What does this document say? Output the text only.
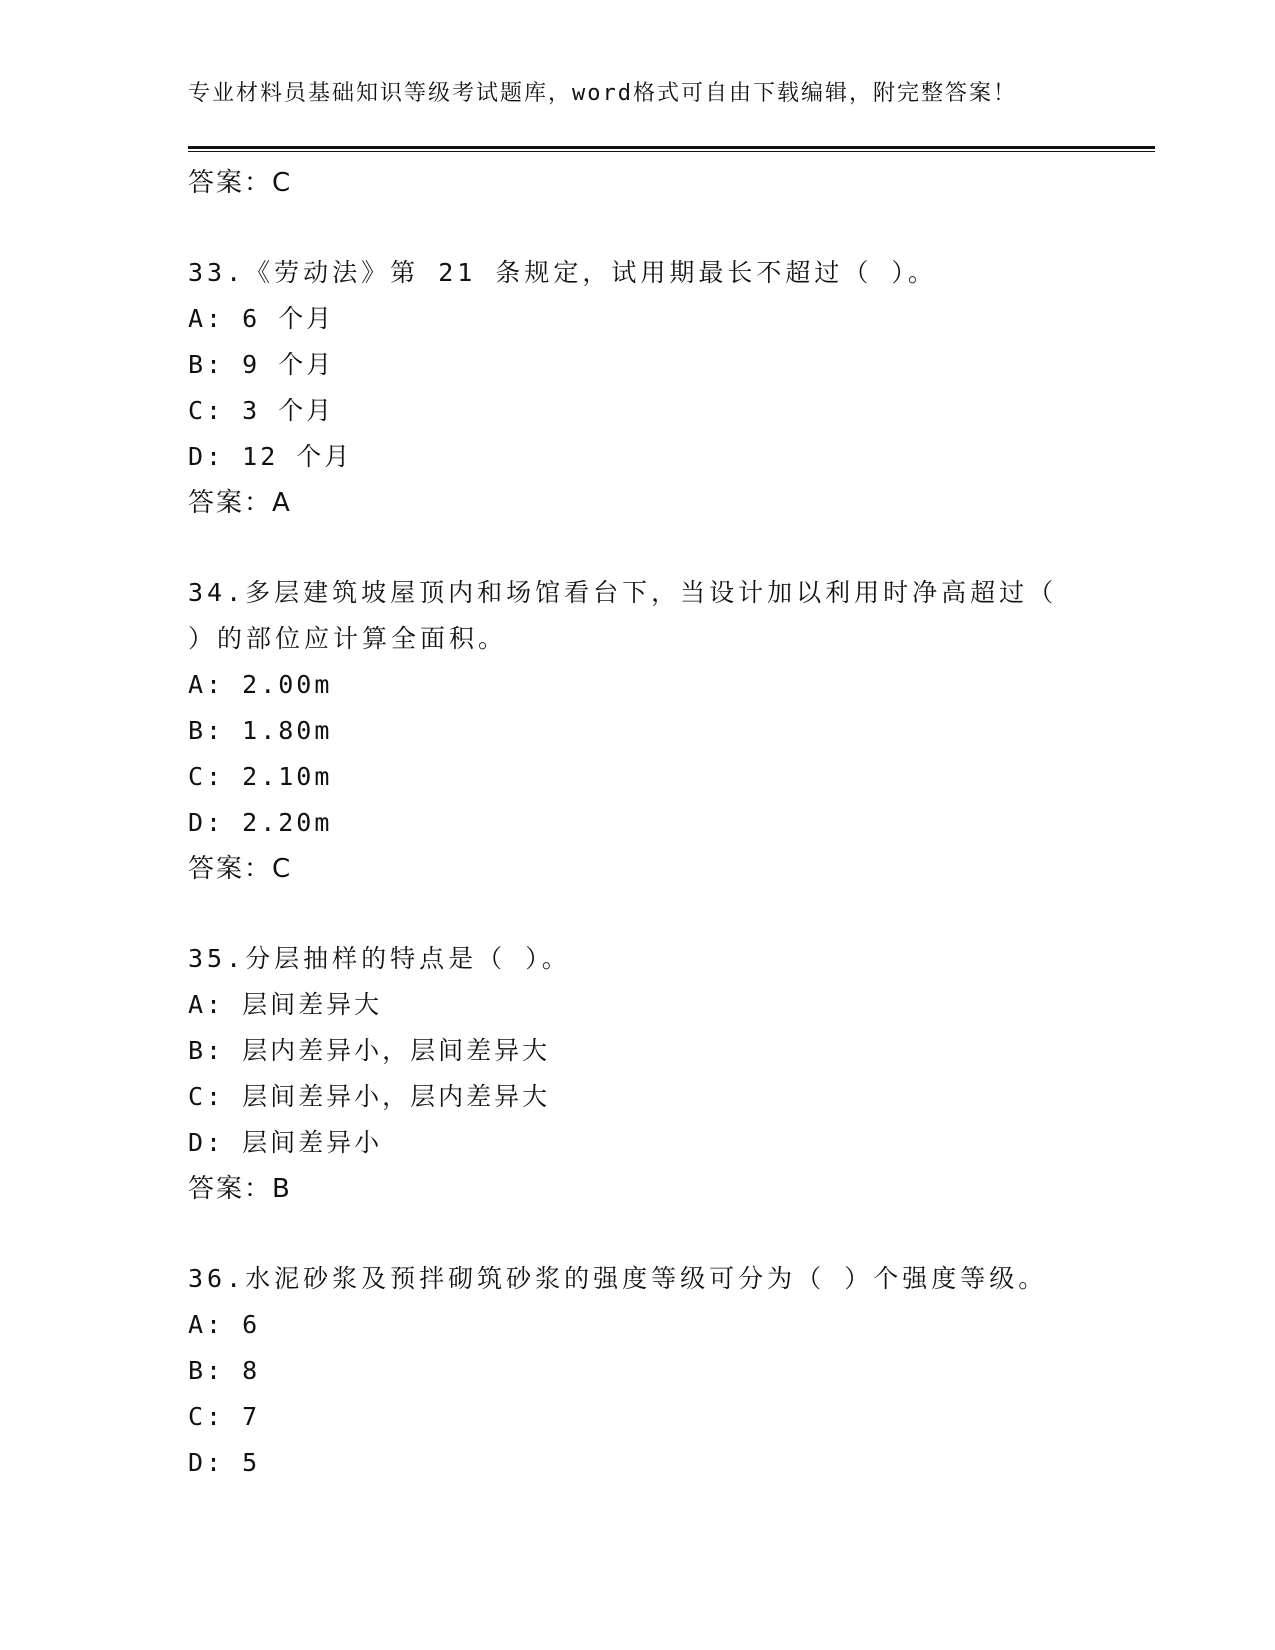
专业材料员基础知识等级考试题库，word格式可自由下载编辑，附完整答案！
答案：C
33.《劳动法》第 21 条规定，试用期最长不超过（ ）。
A: 6 个月
B: 9 个月
C: 3 个月
D: 12 个月
答案：A
34.多层建筑坡屋顶内和场馆看台下，当设计加以利用时净高超过（
）的部位应计算全面积。
A: 2.00m
B: 1.80m
C: 2.10m
D: 2.20m
答案：C
35.分层抽样的特点是（ ）。
A: 层间差异大
B: 层内差异小，层间差异大
C: 层间差异小，层内差异大
D: 层间差异小
答案：B
36.水泥砂浆及预拌砌筑砂浆的强度等级可分为（ ）个强度等级。
A: 6
B: 8
C: 7
D: 5
